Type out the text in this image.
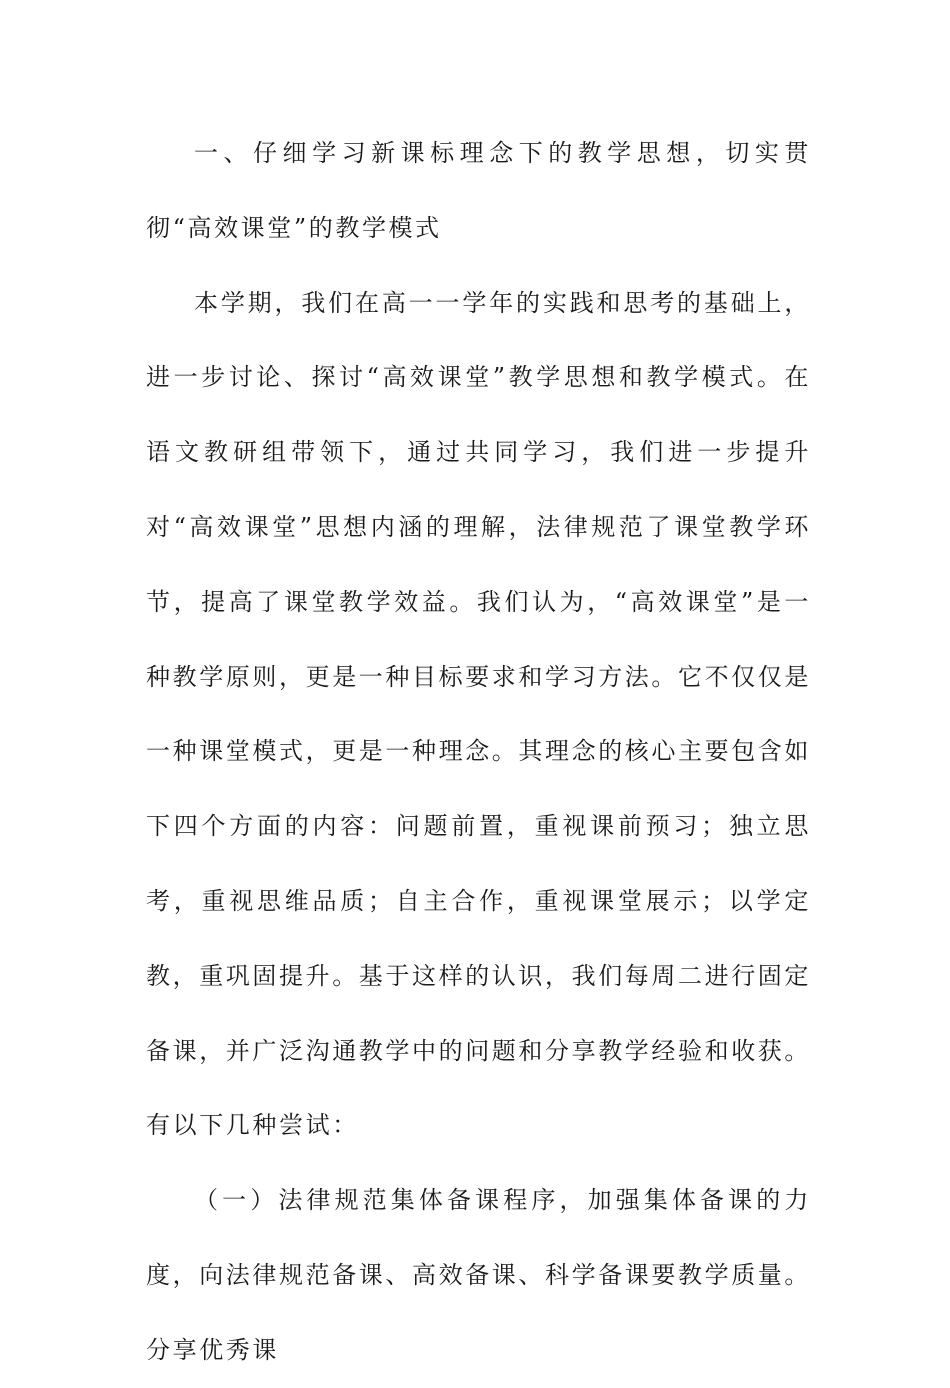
一、仔细学习新课标理念下的教学思想，切实贯彻“高效课堂”的教学模式

本学期，我们在高一一学年的实践和思考的基础上，进一步讨论、探讨“高效课堂”教学思想和教学模式。在语文教研组带领下，通过共同学习，我们进一步提升对“高效课堂”思想内涵的理解，法律规范了课堂教学环节，提高了课堂教学效益。我们认为，“高效课堂”是一种教学原则，更是一种目标要求和学习方法。它不仅仅是一种课堂模式，更是一种理念。其理念的核心主要包含如下四个方面的内容：问题前置，重视课前预习；独立思考，重视思维品质；自主合作，重视课堂展示；以学定教，重巩固提升。基于这样的认识，我们每周二进行固定备课，并广泛沟通教学中的问题和分享教学经验和收获。有以下几种尝试：

（一）法律规范集体备课程序，加强集体备课的力度，向法律规范备课、高效备课、科学备课要教学质量。分享优秀课
